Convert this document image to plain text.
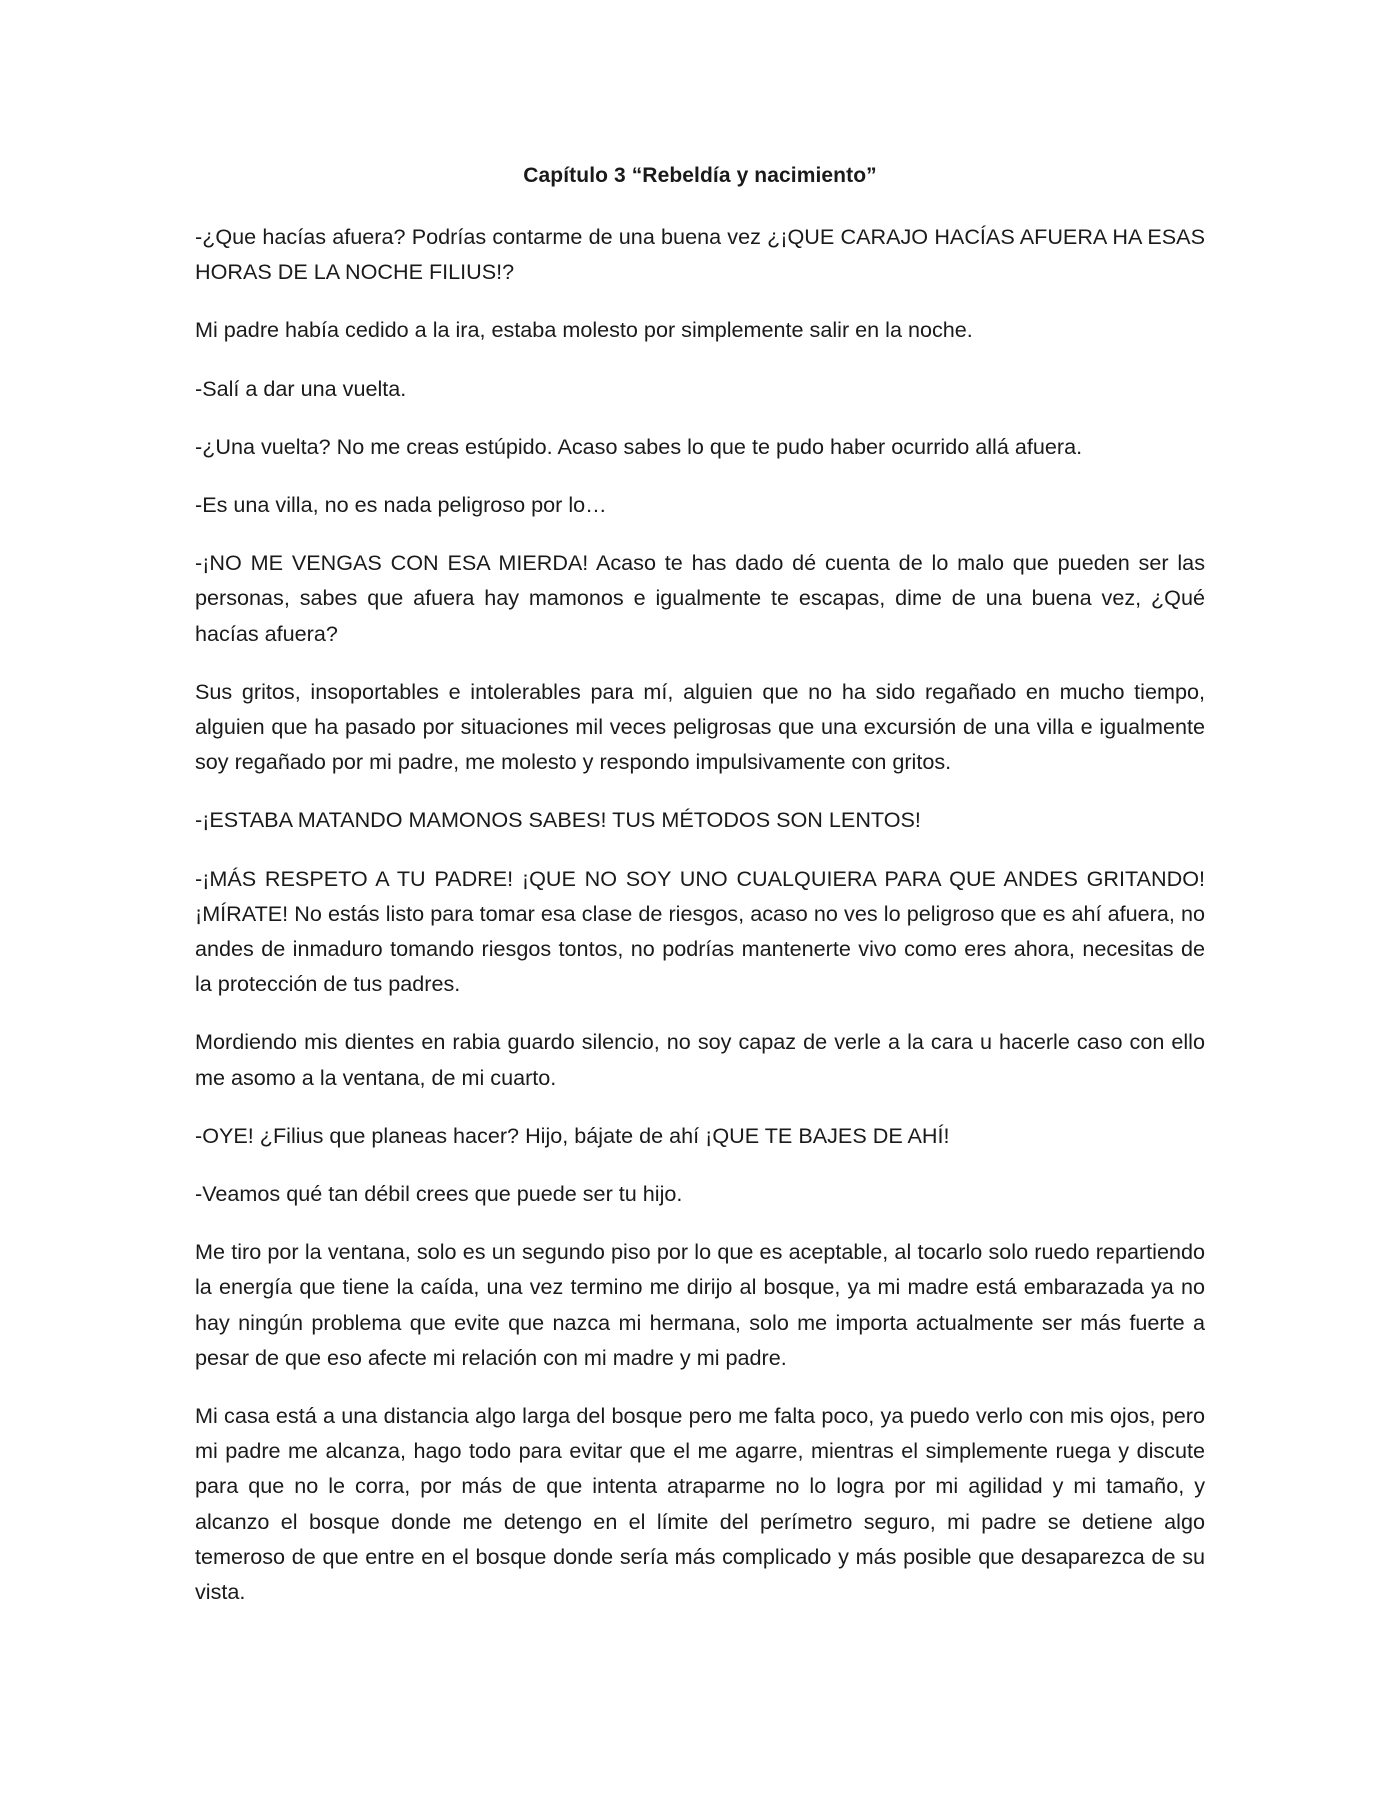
Capítulo 3 “Rebeldía y nacimiento”

-¿Que hacías afuera? Podrías contarme de una buena vez ¿¡QUE CARAJO HACÍAS AFUERA HA ESAS HORAS DE LA NOCHE FILIUS!?

Mi padre había cedido a la ira, estaba molesto por simplemente salir en la noche.

-Salí a dar una vuelta.

-¿Una vuelta? No me creas estúpido. Acaso sabes lo que te pudo haber ocurrido allá afuera.

-Es una villa, no es nada peligroso por lo…

-¡NO ME VENGAS CON ESA MIERDA! Acaso te has dado dé cuenta de lo malo que pueden ser las personas, sabes que afuera hay mamonos e igualmente te escapas, dime de una buena vez, ¿Qué hacías afuera?

Sus gritos, insoportables e intolerables para mí, alguien que no ha sido regañado en mucho tiempo, alguien que ha pasado por situaciones mil veces peligrosas que una excursión de una villa e igualmente soy regañado por mi padre, me molesto y respondo impulsivamente con gritos.

-¡ESTABA MATANDO MAMONOS SABES! TUS MÉTODOS SON LENTOS!

-¡MÁS RESPETO A TU PADRE! ¡QUE NO SOY UNO CUALQUIERA PARA QUE ANDES GRITANDO! ¡MÍRATE! No estás listo para tomar esa clase de riesgos, acaso no ves lo peligroso que es ahí afuera, no andes de inmaduro tomando riesgos tontos, no podrías mantenerte vivo como eres ahora, necesitas de la protección de tus padres.

Mordiendo mis dientes en rabia guardo silencio, no soy capaz de verle a la cara u hacerle caso con ello me asomo a la ventana, de mi cuarto.

-OYE! ¿Filius que planeas hacer? Hijo, bájate de ahí ¡QUE TE BAJES DE AHÍ!

-Veamos qué tan débil crees que puede ser tu hijo.

Me tiro por la ventana, solo es un segundo piso por lo que es aceptable, al tocarlo solo ruedo repartiendo la energía que tiene la caída, una vez termino me dirijo al bosque, ya mi madre está embarazada ya no hay ningún problema que evite que nazca mi hermana, solo me importa actualmente ser más fuerte a pesar de que eso afecte mi relación con mi madre y mi padre.

Mi casa está a una distancia algo larga del bosque pero me falta poco, ya puedo verlo con mis ojos, pero mi padre me alcanza, hago todo para evitar que el me agarre, mientras el simplemente ruega y discute para que no le corra, por más de que intenta atraparme no lo logra por mi agilidad y mi tamaño, y alcanzo el bosque donde me detengo en el límite del perímetro seguro, mi padre se detiene algo temeroso de que entre en el bosque donde sería más complicado y más posible que desaparezca de su vista.
